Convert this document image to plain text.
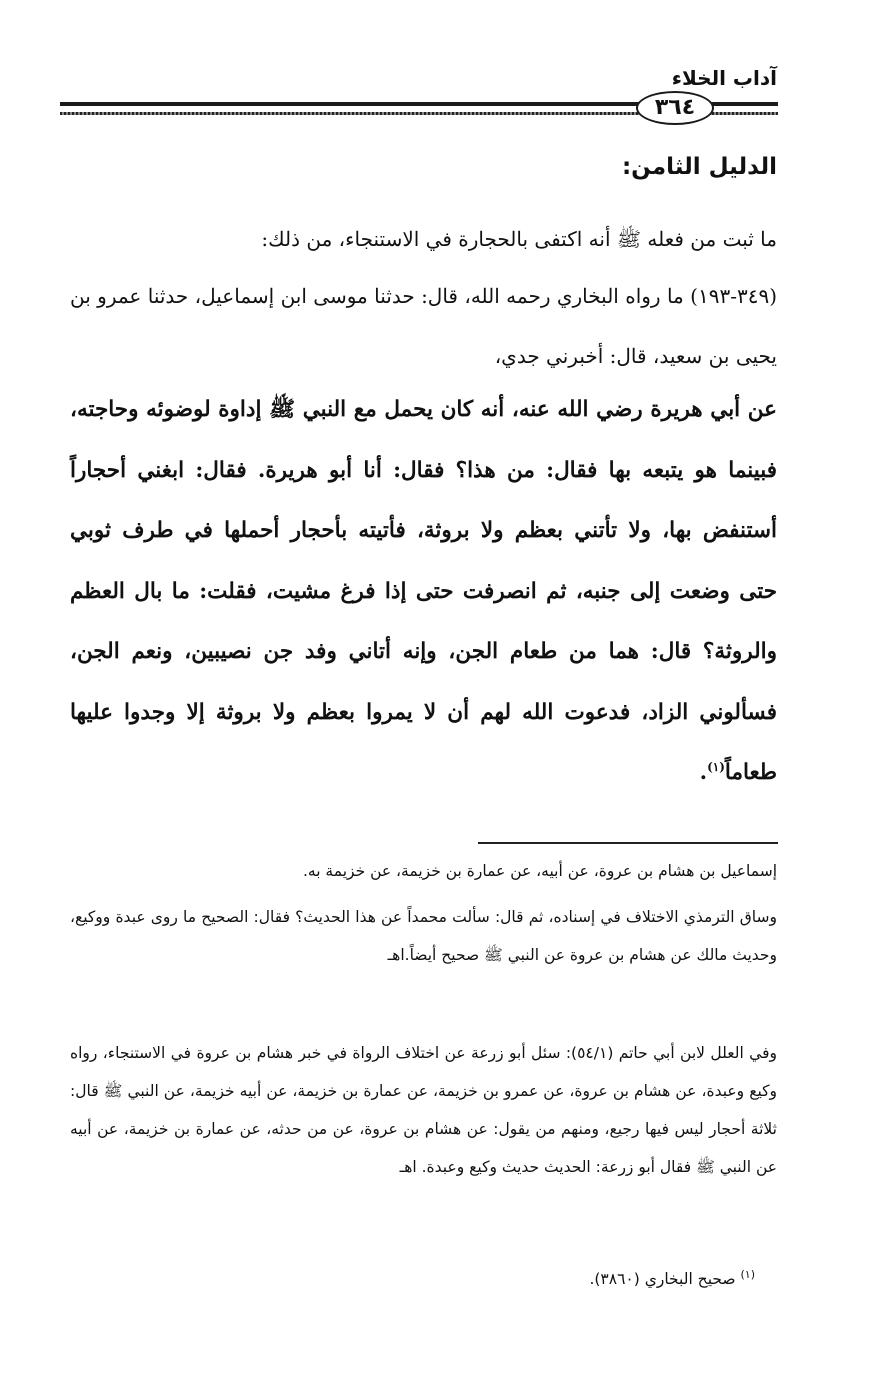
آداب الخلاء
٣٦٤
الدليل الثامن:
ما ثبت من فعله ﷺ أنه اكتفى بالحجارة في الاستنجاء، من ذلك:
(٣٤٩-١٩٣) ما رواه البخاري رحمه الله، قال: حدثنا موسى ابن إسماعيل، حدثنا عمرو بن يحيى بن سعيد، قال: أخبرني جدي،
عن أبي هريرة رضي الله عنه، أنه كان يحمل مع النبي ﷺ إداوة لوضوئه وحاجته، فبينما هو يتبعه بها فقال: من هذا؟ فقال: أنا أبو هريرة. فقال: ابغني أحجاراً أستنفض بها، ولا تأتني بعظم ولا بروثة، فأتيته بأحجار أحملها في طرف ثوبي حتى وضعت إلى جنبه، ثم انصرفت حتى إذا فرغ مشيت، فقلت: ما بال العظم والروثة؟ قال: هما من طعام الجن، وإنه أتاني وفد جن نصيبين، ونعم الجن، فسألوني الزاد، فدعوت الله لهم أن لا يمروا بعظم ولا بروثة إلا وجدوا عليها طعاماً$^{(١)}$.
إسماعيل بن هشام بن عروة، عن أبيه، عن عمارة بن خزيمة، عن خزيمة به.
وساق الترمذي الاختلاف في إسناده، ثم قال: سألت محمداً عن هذا الحديث؟ فقال: الصحيح ما روى عبدة ووكيع، وحديث مالك عن هشام بن عروة عن النبي ﷺ صحيح أيضاً.اهـ
وفي العلل لابن أبي حاتم (٥٤/١): سئل أبو زرعة عن اختلاف الرواة في خبر هشام بن عروة في الاستنجاء، رواه وكيع وعبدة، عن هشام بن عروة، عن عمرو بن خزيمة، عن عمارة بن خزيمة، عن أبيه خزيمة، عن النبي ﷺ قال: ثلاثة أحجار ليس فيها رجيع، ومنهم من يقول: عن هشام بن عروة، عن من حدثه، عن عمارة بن خزيمة، عن أبيه عن النبي ﷺ فقال أبو زرعة: الحديث حديث وكيع وعبدة. اهـ
$^{(١)}$ صحيح البخاري (٣٨٦٠).
